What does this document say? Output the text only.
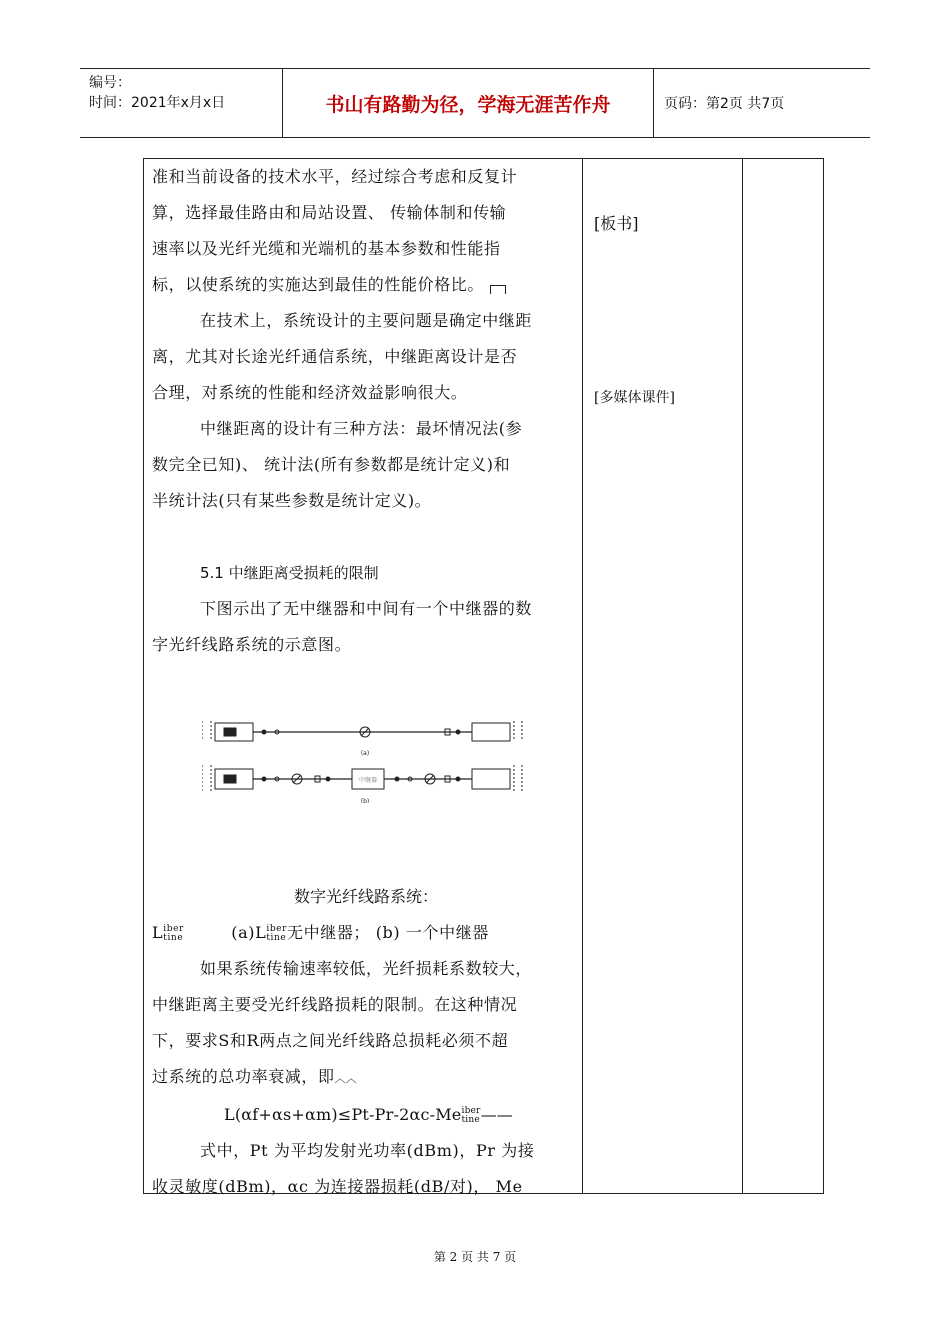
编号：
时间：2021年x月x日	书山有路勤为径，学海无涯苦作舟	页码：第2页 共7页

准和当前设备的技术水平，经过综合考虑和反复计

算，选择最佳路由和局站设置、 传输体制和传输

速率以及光纤光缆和光端机的基本参数和性能指

标，以使系统的实施达到最佳的性能价格比。

在技术上，系统设计的主要问题是确定中继距

离，尤其对长途光纤通信系统，中继距离设计是否

合理，对系统的性能和经济效益影响很大。

中继距离的设计有三种方法：最坏情况法(参

数完全已知)、 统计法(所有参数都是统计定义)和

半统计法(只有某些参数是统计定义)。

5.1 中继距离受损耗的限制

下图示出了无中继器和中间有一个中继器的数

字光纤线路系统的示意图。

数字光纤线路系统：

Liber
tine	(a)Liber
tine无中继器； (b) 一个中继器

如果系统传输速率较低，光纤损耗系数较大，

中继距离主要受光纤线路损耗的限制。在这种情况

下，要求S和R两点之间光纤线路总损耗必须不超

过系统的总功率衰减，即︿︿

L(αf+αs+αm)≤Pt-Pr-2αc-Meiber
tine——

式中，Pt 为平均发射光功率(dBm)，Pr 为接

收灵敏度(dBm)，αc 为连接器损耗(dB/对)， Me

(a)
(b)
中继器
[板书]
[多媒体课件]
第 2 页 共 7 页
